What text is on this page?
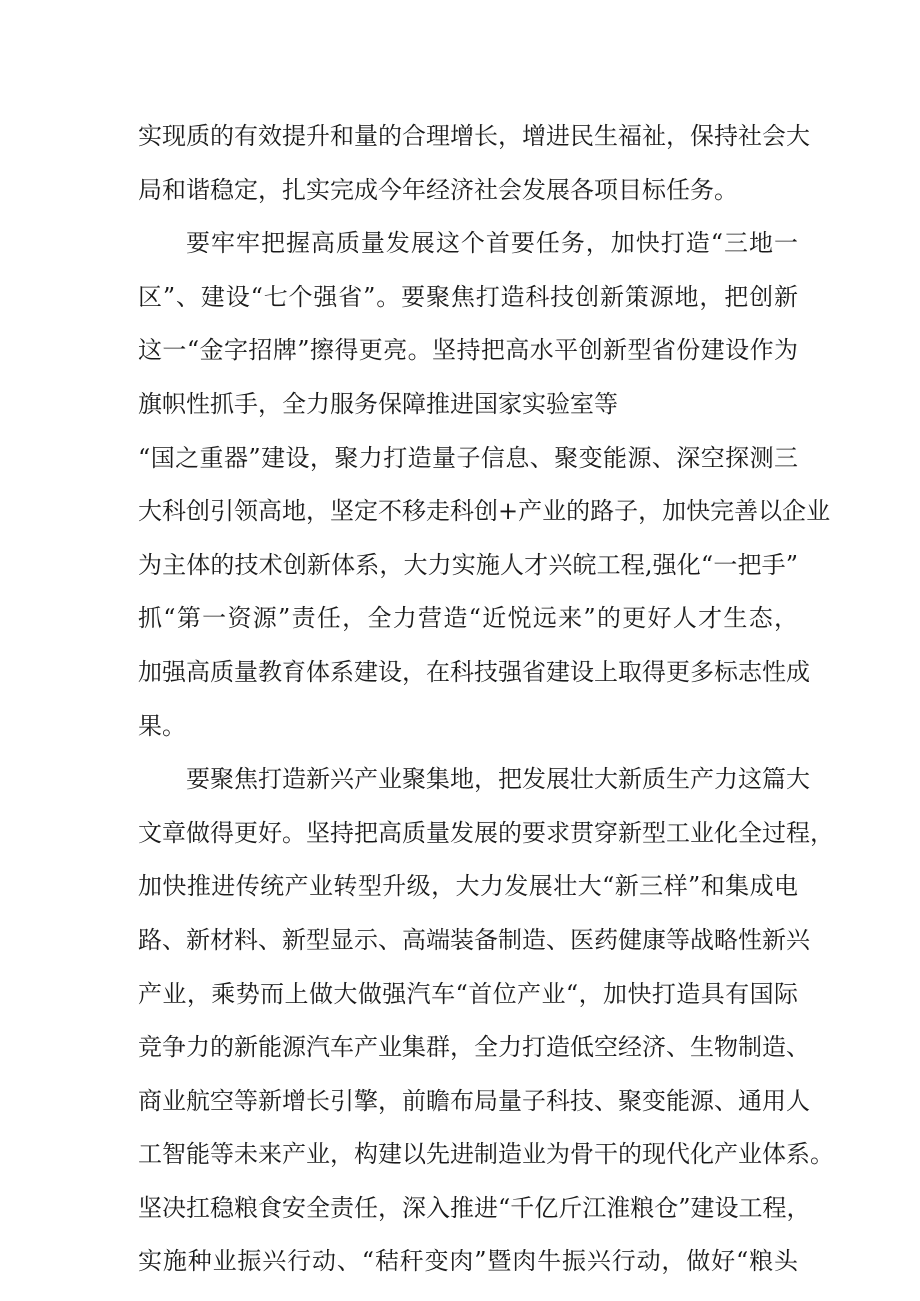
实现质的有效提升和量的合理增长，增进民生福祉，保持社会大
局和谐稳定，扎实完成今年经济社会发展各项目标任务。
要牢牢把握高质量发展这个首要任务，加快打造“三地一
区”、建设“七个强省”。要聚焦打造科技创新策源地，把创新
这一“金字招牌”擦得更亮。坚持把高水平创新型省份建设作为
旗帜性抓手，全力服务保障推进国家实验室等
“国之重器”建设，聚力打造量子信息、聚变能源、深空探测三
大科创引领高地，坚定不移走科创+产业的路子，加快完善以企业
为主体的技术创新体系，大力实施人才兴皖工程,强化“一把手”
抓“第一资源”责任，全力营造“近悦远来”的更好人才生态，
加强高质量教育体系建设，在科技强省建设上取得更多标志性成
果。
要聚焦打造新兴产业聚集地，把发展壮大新质生产力这篇大
文章做得更好。坚持把高质量发展的要求贯穿新型工业化全过程，
加快推进传统产业转型升级，大力发展壮大“新三样”和集成电
路、新材料、新型显示、高端装备制造、医药健康等战略性新兴
产业，乘势而上做大做强汽车“首位产业“，加快打造具有国际
竞争力的新能源汽车产业集群，全力打造低空经济、生物制造、
商业航空等新增长引擎，前瞻布局量子科技、聚变能源、通用人
工智能等未来产业，构建以先进制造业为骨干的现代化产业体系。
坚决扛稳粮食安全责任，深入推进“千亿斤江淮粮仓”建设工程，
实施种业振兴行动、“秸秆变肉”暨肉牛振兴行动，做好“粮头
